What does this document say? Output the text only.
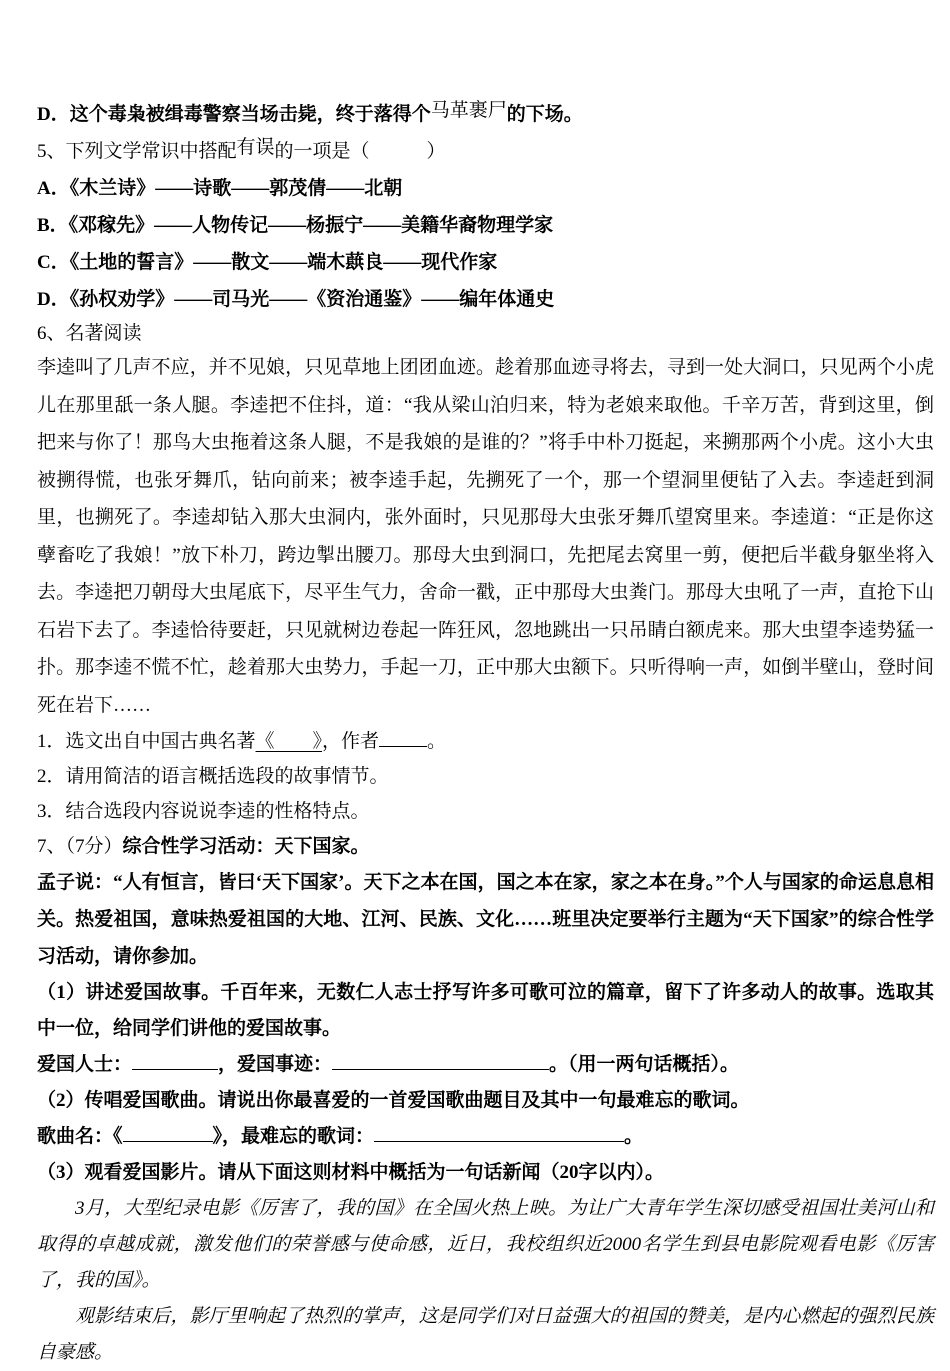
D．这个毒枭被缉毒警察当场击毙，终于落得个马革裹尸的下场。

5、下列文学常识中搭配有误的一项是（　　　）

A．《木兰诗》——诗歌——郭茂倩——北朝

B．《邓稼先》——人物传记——杨振宁——美籍华裔物理学家

C．《土地的誓言》——散文——端木蕻良——现代作家

D．《孙权劝学》——司马光——《资治通鉴》——编年体通史

6、名著阅读

李逵叫了几声不应，并不见娘，只见草地上团团血迹。趁着那血迹寻将去，寻到一处大洞口，只见两个小虎儿在那里舐一条人腿。李逵把不住抖，道：“我从梁山泊归来，特为老娘来取他。千辛万苦，背到这里，倒把来与你了！那鸟大虫拖着这条人腿，不是我娘的是谁的？”将手中朴刀挺起，来搠那两个小虎。这小大虫被搠得慌，也张牙舞爪，钻向前来；被李逵手起，先搠死了一个，那一个望洞里便钻了入去。李逵赶到洞里，也搠死了。李逵却钻入那大虫洞内，张外面时，只见那母大虫张牙舞爪望窝里来。李逵道：“正是你这孽畜吃了我娘！”放下朴刀，跨边掣出腰刀。那母大虫到洞口，先把尾去窝里一剪，便把后半截身躯坐将入去。李逵把刀朝母大虫尾底下，尽平生气力，舍命一戳，正中那母大虫粪门。那母大虫吼了一声，直抢下山石岩下去了。李逵恰待要赶，只见就树边卷起一阵狂风，忽地跳出一只吊睛白额虎来。那大虫望李逵势猛一扑。那李逵不慌不忙，趁着那大虫势力，手起一刀，正中那大虫额下。只听得响一声，如倒半壁山，登时间死在岩下……

1．选文出自中国古典名著《　　》，作者	。

2．请用简洁的语言概括选段的故事情节。

3．结合选段内容说说李逵的性格特点。

7、（7分）综合性学习活动：天下国家。

孟子说：“人有恒言，皆曰‘天下国家’。天下之本在国，国之本在家，家之本在身。”个人与国家的命运息息相关。热爱祖国，意味热爱祖国的大地、江河、民族、文化……班里决定要举行主题为“天下国家”的综合性学习活动，请你参加。

（1）讲述爱国故事。千百年来，无数仁人志士抒写许多可歌可泣的篇章，留下了许多动人的故事。选取其中一位，给同学们讲他的爱国故事。

爱国人士：	，爱国事迹：	。（用一两句话概括）。

（2）传唱爱国歌曲。请说出你最喜爱的一首爱国歌曲题目及其中一句最难忘的歌词。

歌曲名：《	》，最难忘的歌词：	。

（3）观看爱国影片。请从下面这则材料中概括为一句话新闻（20字以内）。

3月，大型纪录电影《厉害了，我的国》在全国火热上映。为让广大青年学生深切感受祖国壮美河山和取得的卓越成就，激发他们的荣誉感与使命感，近日，我校组织近2000名学生到县电影院观看电影《厉害了，我的国》。

观影结束后，影厅里响起了热烈的掌声，这是同学们对日益强大的祖国的赞美，是内心燃起的强烈民族自豪感。
